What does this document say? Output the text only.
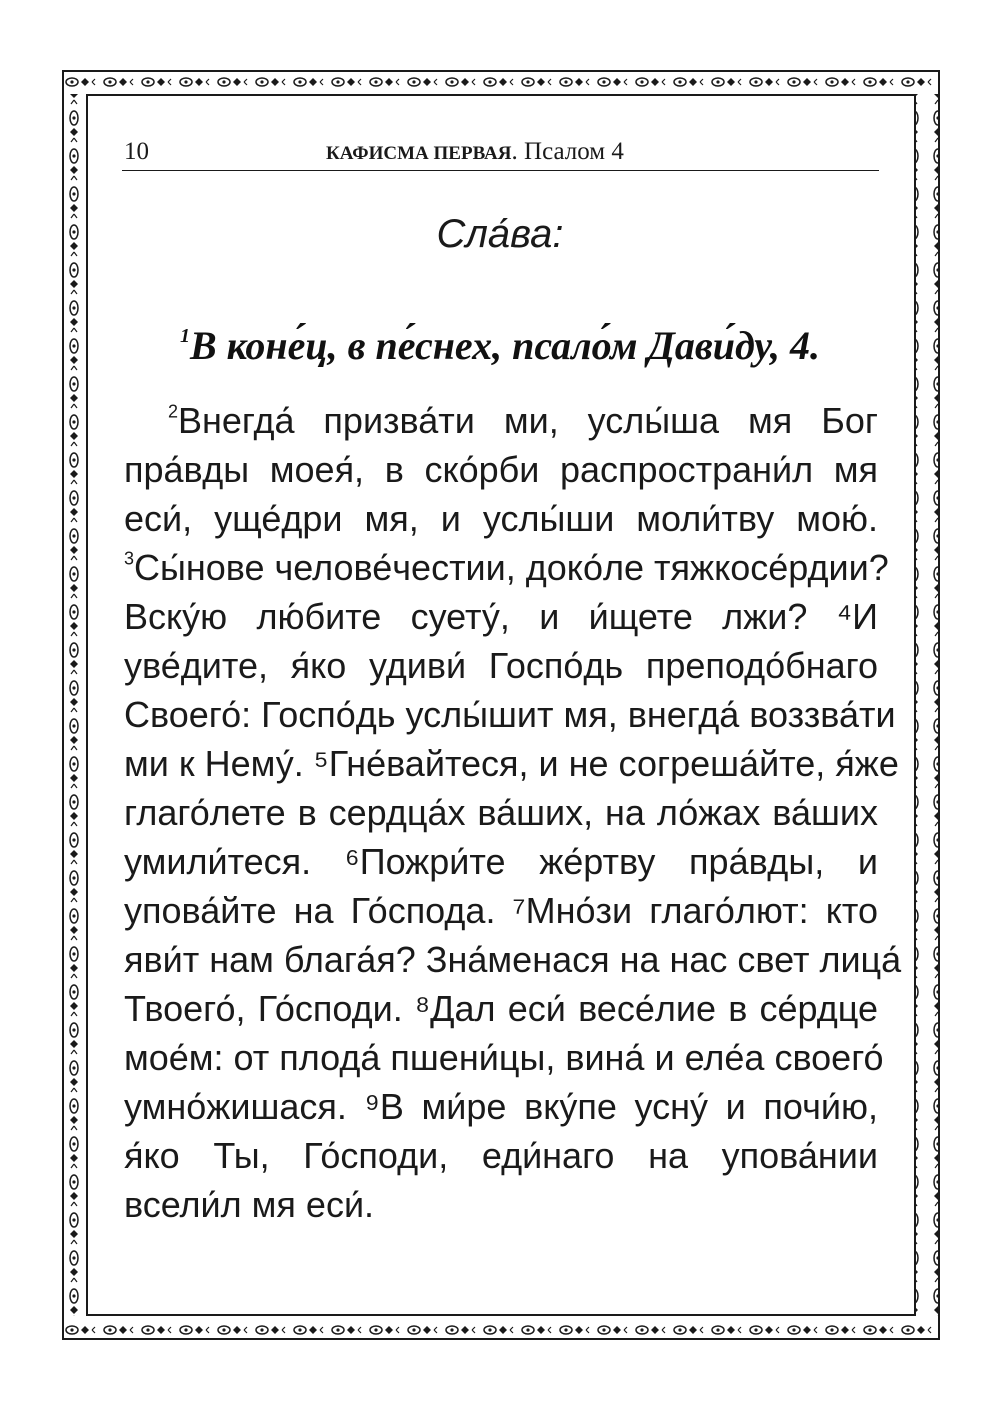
10	КАФИСМА ПЕРВАЯ. Псалом 4
Сла́ва:
$^1$В коне́ц, в пе́снех, псало́м Дави́ду, 4.
$^2$Внегда́ призва́ти ми, услы́ша мя Бог
пра́вды моея́, в ско́рби распространи́л мя
еси́, уще́дри мя, и услы́ши моли́тву мою́.
$^3$Сы́нове челове́честии, доко́ле тяжкосе́рдии?
Вску́ю лю́бите суету́, и и́щете лжи? ⁴И
уве́дите, я́ко удиви́ Госпо́дь преподо́бнаго
Своего́: Госпо́дь услы́шит мя, внегда́ воззва́ти
ми к Нему́. ⁵Гне́вайтеся, и не согреша́йте, я́же
глаго́лете в сердца́х ва́ших, на ло́жах ва́ших
умили́теся. ⁶Пожри́те же́ртву пра́вды, и
упова́йте на Го́спода. ⁷Мно́зи глаго́лют: кто
яви́т нам блага́я? Зна́менася на нас свет лица́
Твоего́, Го́споди. ⁸Дал еси́ весе́лие в се́рдце
мое́м: от плода́ пшени́цы, вина́ и еле́а своего́
умно́жишася. ⁹В ми́ре вку́пе усну́ и почи́ю,
я́ко Ты, Го́споди, еди́наго на упова́нии
всели́л мя еси́.
